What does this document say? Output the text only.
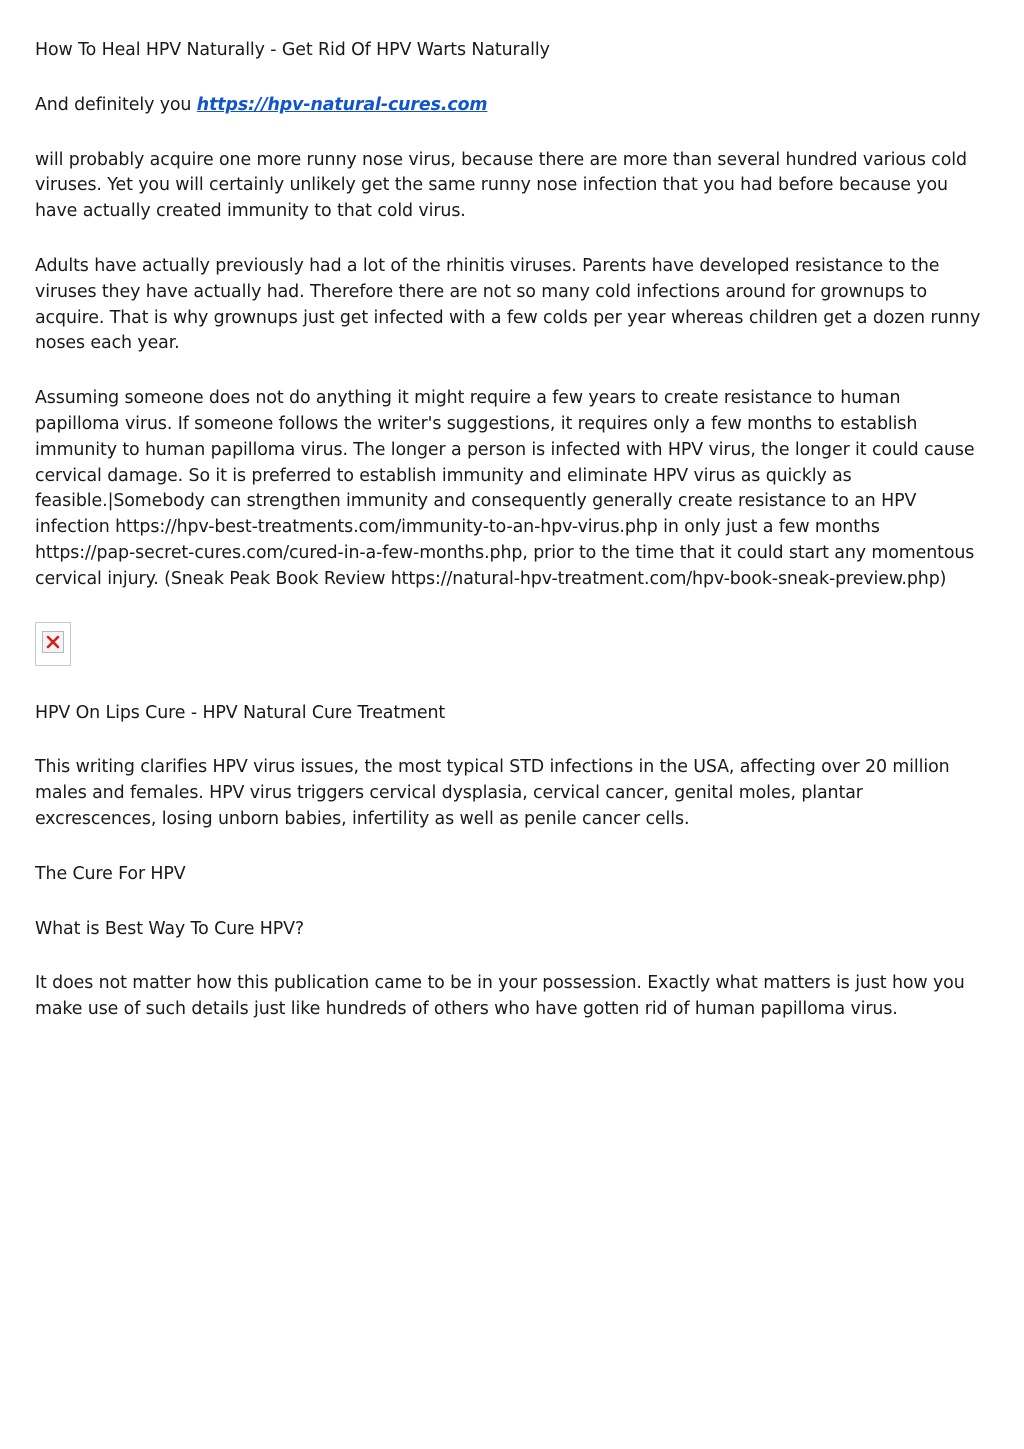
How To Heal HPV Naturally - Get Rid Of HPV Warts Naturally

And definitely you https://hpv-natural-cures.com

will probably acquire one more runny nose virus, because there are more than several hundred various cold viruses. Yet you will certainly unlikely get the same runny nose infection that you had before because you have actually created immunity to that cold virus.

Adults have actually previously had a lot of the rhinitis viruses. Parents have developed resistance to the viruses they have actually had. Therefore there are not so many cold infections around for grownups to acquire. That is why grownups just get infected with a few colds per year whereas children get a dozen runny noses each year.

Assuming someone does not do anything it might require a few years to create resistance to human papilloma virus. If someone follows the writer's suggestions, it requires only a few months to establish immunity to human papilloma virus. The longer a person is infected with HPV virus, the longer it could cause cervical damage. So it is preferred to establish immunity and eliminate HPV virus as quickly as feasible.|Somebody can strengthen immunity and consequently generally create resistance to an HPV infection https://hpv-best-treatments.com/immunity-to-an-hpv-virus.php in only just a few months https://pap-secret-cures.com/cured-in-a-few-months.php, prior to the time that it could start any momentous cervical injury. (Sneak Peak Book Review https://natural-hpv-treatment.com/hpv-book-sneak-preview.php)

HPV On Lips Cure - HPV Natural Cure Treatment

This writing clarifies HPV virus issues, the most typical STD infections in the USA, affecting over 20 million males and females. HPV virus triggers cervical dysplasia, cervical cancer, genital moles, plantar excrescences, losing unborn babies, infertility as well as penile cancer cells.

The Cure For HPV

What is Best Way To Cure HPV?

It does not matter how this publication came to be in your possession. Exactly what matters is just how you make use of such details just like hundreds of others who have gotten rid of human papilloma virus.
